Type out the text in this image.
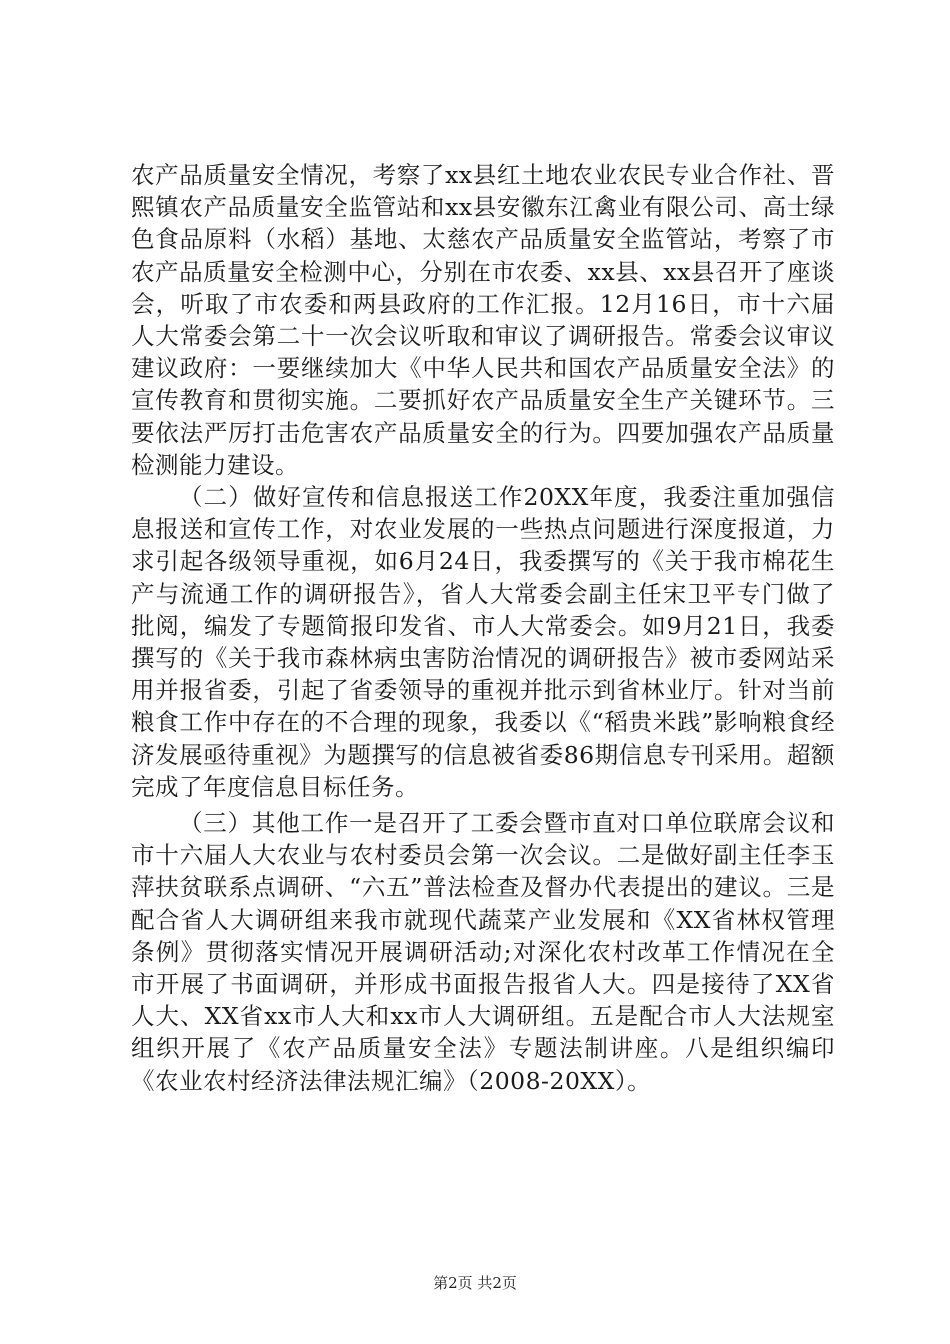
农产品质量安全情况，考察了xx县红土地农业农民专业合作社、晋熙镇农产品质量安全监管站和xx县安徽东江禽业有限公司、高士绿色食品原料（水稻）基地、太慈农产品质量安全监管站，考察了市农产品质量安全检测中心，分别在市农委、xx县、xx县召开了座谈会，听取了市农委和两县政府的工作汇报。12月16日，市十六届人大常委会第二十一次会议听取和审议了调研报告。常委会议审议建议政府：一要继续加大《中华人民共和国农产品质量安全法》的宣传教育和贯彻实施。二要抓好农产品质量安全生产关键环节。三要依法严厉打击危害农产品质量安全的行为。四要加强农产品质量检测能力建设。

（二）做好宣传和信息报送工作20XX年度，我委注重加强信息报送和宣传工作，对农业发展的一些热点问题进行深度报道，力求引起各级领导重视，如6月24日，我委撰写的《关于我市棉花生产与流通工作的调研报告》，省人大常委会副主任宋卫平专门做了批阅，编发了专题简报印发省、市人大常委会。如9月21日，我委撰写的《关于我市森林病虫害防治情况的调研报告》被市委网站采用并报省委，引起了省委领导的重视并批示到省林业厅。针对当前粮食工作中存在的不合理的现象，我委以《“稻贵米践”影响粮食经济发展亟待重视》为题撰写的信息被省委86期信息专刊采用。超额完成了年度信息目标任务。

（三）其他工作一是召开了工委会暨市直对口单位联席会议和市十六届人大农业与农村委员会第一次会议。二是做好副主任李玉萍扶贫联系点调研、“六五”普法检查及督办代表提出的建议。三是配合省人大调研组来我市就现代蔬菜产业发展和《XX省林权管理条例》贯彻落实情况开展调研活动;对深化农村改革工作情况在全市开展了书面调研，并形成书面报告报省人大。四是接待了XX省人大、XX省xx市人大和xx市人大调研组。五是配合市人大法规室组织开展了《农产品质量安全法》专题法制讲座。八是组织编印《农业农村经济法律法规汇编》（2008-20XX）。

第2页 共2页
